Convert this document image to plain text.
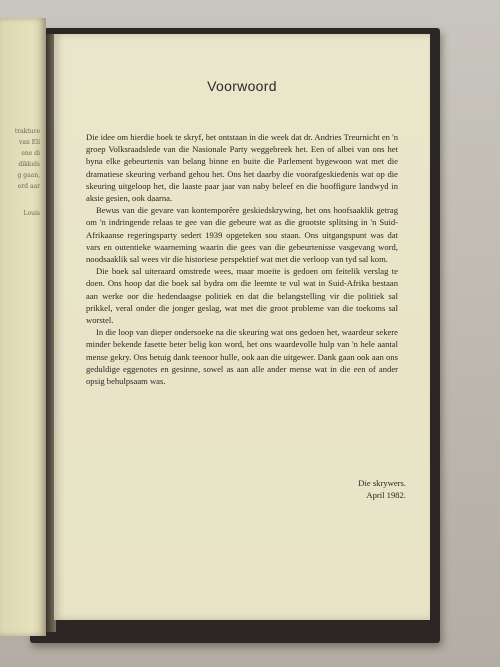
trakture
van Eli
ene di
dikkels
g gaan,
erd aar
Louis
Voorwoord

Die idee om hierdie boek te skryf, het ontstaan in die week dat dr. Andries Treurnicht en 'n groep Volksraadslede van die Nasionale Party weggebreek het. Een of albei van ons het byna elke gebeurtenis van belang binne en buite die Parlement bygewoon wat met die dramatiese skeuring verband gehou het. Ons het daarby die voorafgeskiedenis wat op die skeuring uitgeloop het, die laaste paar jaar van naby beleef en die hooffigure landwyd in aksie gesien, ook daarna.

Bewus van die gevare van kontemporêre geskiedskrywing, het ons hoofsaaklik getrag om 'n indringende relaas te gee van die gebeure wat as die grootste splitsing in 'n Suid-Afrikaanse regeringsparty sedert 1939 opgeteken sou staan. Ons uitgangspunt was dat vars en outentieke waarneming waarin die gees van die gebeurtenisse vasgevang word, noodsaaklik sal wees vir die historiese perspektief wat met die verloop van tyd sal kom.

Die boek sal uiteraard omstrede wees, maar moeite is gedoen om feitelik verslag te doen. Ons hoop dat die boek sal bydra om die leemte te vul wat in Suid-Afrika bestaan aan werke oor die hedendaagse politiek en dat die belangstelling vir die politiek sal prikkel, veral onder die jonger geslag, wat met die groot probleme van die toekoms sal worstel.

In die loop van dieper ondersoeke na die skeuring wat ons gedoen het, waardeur sekere minder bekende fasette beter belig kon word, het ons waardevolle hulp van 'n hele aantal mense gekry. Ons betuig dank teenoor hulle, ook aan die uitgewer. Dank gaan ook aan ons geduldige eggenotes en gesinne, sowel as aan alle ander mense wat in die een of ander opsig behulpsaam was.

Die skrywers.
April 1982.
